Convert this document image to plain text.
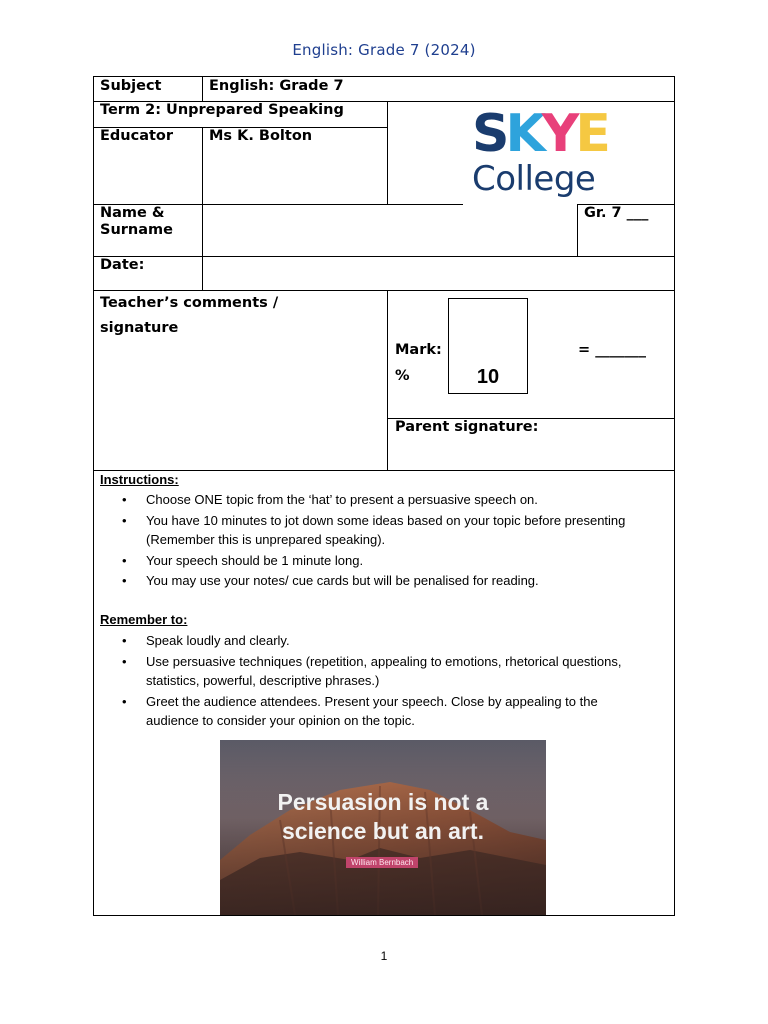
English: Grade 7 (2024)
Subject	English: Grade 7
Term 2: Unprepared Speaking
Educator Ms K. Bolton
Name &
Surname
Gr. 7 ___
Date:
Teacher’s comments /
signature
Mark:
%	10
= _______
Parent signature:
SKYE
College
Instructions:
• Choose ONE topic from the ‘hat’ to present a persuasive speech on.
• You have 10 minutes to jot down some ideas based on your topic before presenting (Remember this is unprepared speaking).
• Your speech should be 1 minute long.
• You may use your notes/ cue cards but will be penalised for reading.
Remember to:
• Speak loudly and clearly.
• Use persuasive techniques (repetition, appealing to emotions, rhetorical questions, statistics, powerful, descriptive phrases.)
• Greet the audience attendees. Present your speech. Close by appealing to the audience to consider your opinion on the topic.
Persuasion is not a
science but an art.
William Bernbach
1
